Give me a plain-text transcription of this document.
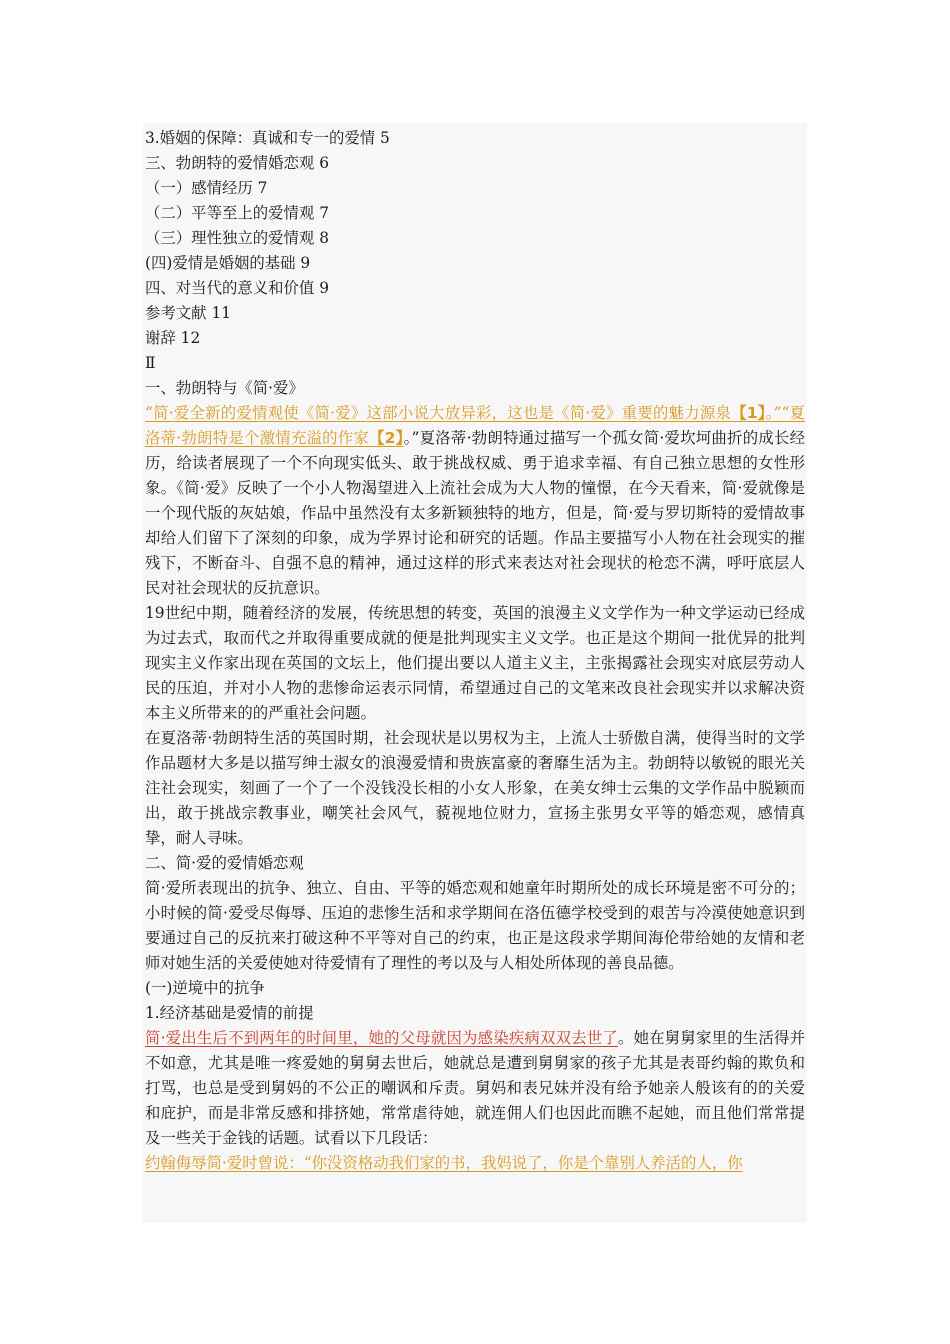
3.婚姻的保障：真诚和专一的爱情 5

三、勃朗特的爱情婚恋观 6

（一）感情经历 7

（二）平等至上的爱情观 7

（三）理性独立的爱情观 8

(四)爱情是婚姻的基础 9

四、对当代的意义和价值 9

参考文献 11

谢辞 12

Ⅱ

一、勃朗特与《简·爱》

“简·爱全新的爱情观使《简·爱》这部小说大放异彩，这也是《简·爱》重要的魅力源泉【1】。”“夏洛蒂·勃朗特是个激情充溢的作家【2】。”夏洛蒂·勃朗特通过描写一个孤女简·爱坎坷曲折的成长经历，给读者展现了一个不向现实低头、敢于挑战权威、勇于追求幸福、有自己独立思想的女性形象。《简·爱》反映了一个小人物渴望进入上流社会成为大人物的憧憬，在今天看来，简·爱就像是一个现代版的灰姑娘，作品中虽然没有太多新颖独特的地方，但是，简·爱与罗切斯特的爱情故事却给人们留下了深刻的印象，成为学界讨论和研究的话题。作品主要描写小人物在社会现实的摧残下，不断奋斗、自强不息的精神，通过这样的形式来表达对社会现状的枪恋不满，呼吁底层人民对社会现状的反抗意识。

19世纪中期，随着经济的发展，传统思想的转变，英国的浪漫主义文学作为一种文学运动已经成为过去式，取而代之并取得重要成就的便是批判现实主义文学。也正是这个期间一批优异的批判现实主义作家出现在英国的文坛上，他们提出要以人道主义主，主张揭露社会现实对底层劳动人民的压迫，并对小人物的悲惨命运表示同情，希望通过自己的文笔来改良社会现实并以求解决资本主义所带来的的严重社会问题。

在夏洛蒂·勃朗特生活的英国时期，社会现状是以男权为主，上流人士骄傲自满，使得当时的文学作品题材大多是以描写绅士淑女的浪漫爱情和贵族富豪的奢靡生活为主。勃朗特以敏锐的眼光关注社会现实，刻画了一个了一个没钱没长相的小女人形象，在美女绅士云集的文学作品中脱颖而出，敢于挑战宗教事业，嘲笑社会风气，藐视地位财力，宣扬主张男女平等的婚恋观，感情真挚，耐人寻味。

二、简·爱的爱情婚恋观

简·爱所表现出的抗争、独立、自由、平等的婚恋观和她童年时期所处的成长环境是密不可分的；小时候的简·爱受尽侮辱、压迫的悲惨生活和求学期间在洛伍德学校受到的艰苦与冷漠使她意识到要通过自己的反抗来打破这种不平等对自己的约束，也正是这段求学期间海伦带给她的友情和老师对她生活的关爱使她对待爱情有了理性的考以及与人相处所体现的善良品德。

(一)逆境中的抗争

1.经济基础是爱情的前提

简·爱出生后不到两年的时间里，她的父母就因为感染疾病双双去世了。她在舅舅家里的生活得并不如意，尤其是唯一疼爱她的舅舅去世后，她就总是遭到舅舅家的孩子尤其是表哥约翰的欺负和打骂，也总是受到舅妈的不公正的嘲讽和斥责。舅妈和表兄妹并没有给予她亲人般该有的的关爱和庇护，而是非常反感和排挤她，常常虐待她，就连佣人们也因此而瞧不起她，而且他们常常提及一些关于金钱的话题。试看以下几段话：

约翰侮辱简·爱时曾说：“你没资格动我们家的书，我妈说了，你是个靠别人养活的人，你
